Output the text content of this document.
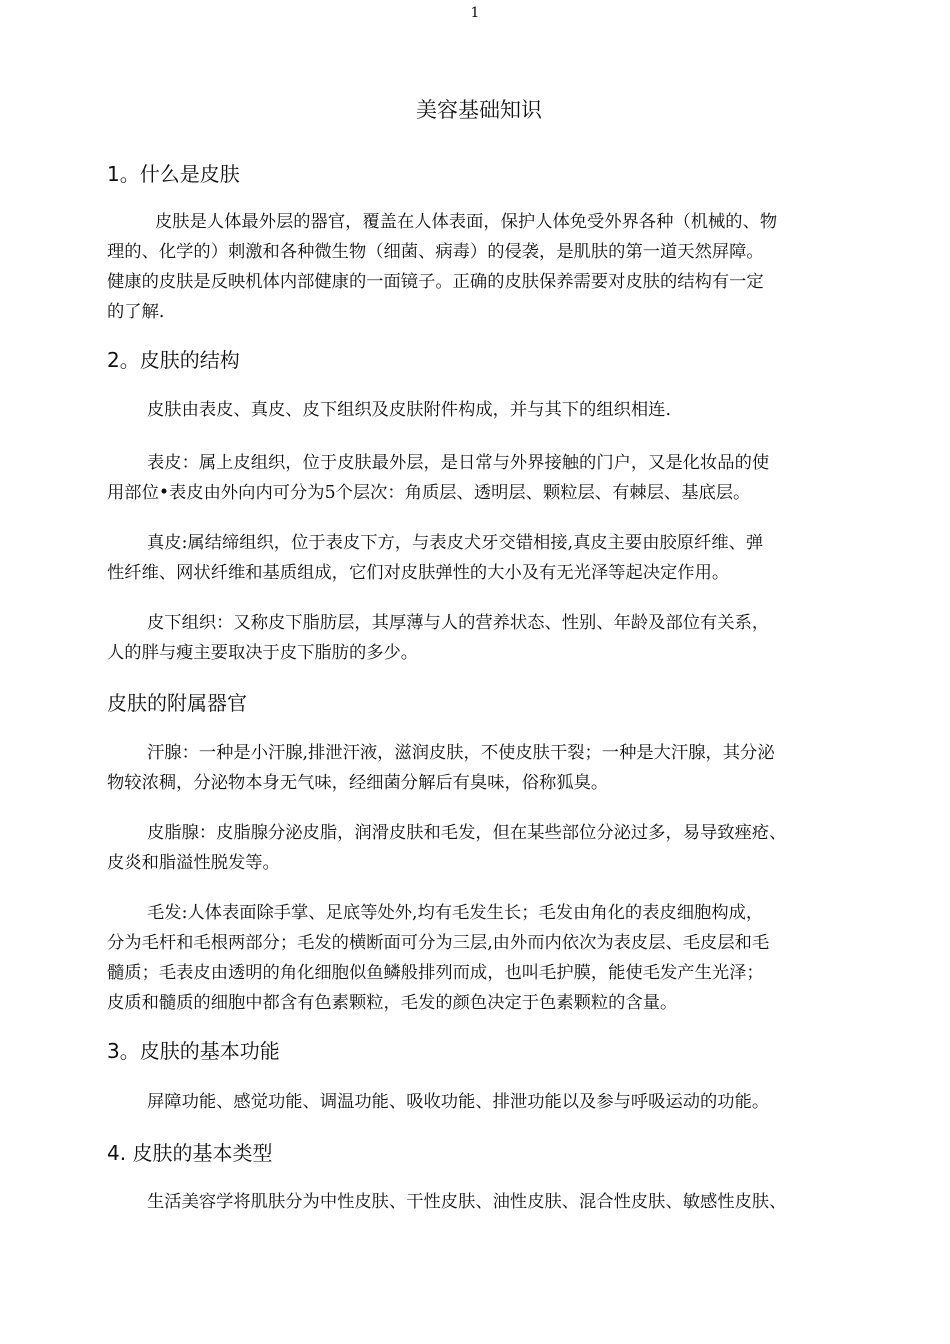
1
美容基础知识
1。什么是皮肤
皮肤是人体最外层的器官，覆盖在人体表面，保护人体免受外界各种（机械的、物
理的、化学的）刺激和各种微生物（细菌、病毒）的侵袭，是肌肤的第一道天然屏障。
健康的皮肤是反映机体内部健康的一面镜子。正确的皮肤保养需要对皮肤的结构有一定
的了解.
2。皮肤的结构
皮肤由表皮、真皮、皮下组织及皮肤附件构成，并与其下的组织相连.
表皮：属上皮组织，位于皮肤最外层，是日常与外界接触的门户，又是化妆品的使
用部位•表皮由外向内可分为5个层次：角质层、透明层、颗粒层、有棘层、基底层。
真皮:属结缔组织，位于表皮下方，与表皮犬牙交错相接,真皮主要由胶原纤维、弹
性纤维、网状纤维和基质组成，它们对皮肤弹性的大小及有无光泽等起决定作用。
皮下组织：又称皮下脂肪层，其厚薄与人的营养状态、性别、年龄及部位有关系，
人的胖与瘦主要取决于皮下脂肪的多少。
皮肤的附属器官
汗腺：一种是小汗腺,排泄汗液，滋润皮肤，不使皮肤干裂；一种是大汗腺，其分泌
物较浓稠，分泌物本身无气味，经细菌分解后有臭味，俗称狐臭。
皮脂腺：皮脂腺分泌皮脂，润滑皮肤和毛发，但在某些部位分泌过多，易导致痤疮、
皮炎和脂溢性脱发等。
毛发:人体表面除手掌、足底等处外,均有毛发生长；毛发由角化的表皮细胞构成，
分为毛杆和毛根两部分；毛发的横断面可分为三层,由外而内依次为表皮层、毛皮层和毛
髓质；毛表皮由透明的角化细胞似鱼鳞般排列而成，也叫毛护膜，能使毛发产生光泽；
皮质和髓质的细胞中都含有色素颗粒，毛发的颜色决定于色素颗粒的含量。
3。皮肤的基本功能
屏障功能、感觉功能、调温功能、吸收功能、排泄功能以及参与呼吸运动的功能。
4. 皮肤的基本类型
生活美容学将肌肤分为中性皮肤、干性皮肤、油性皮肤、混合性皮肤、敏感性皮肤、
